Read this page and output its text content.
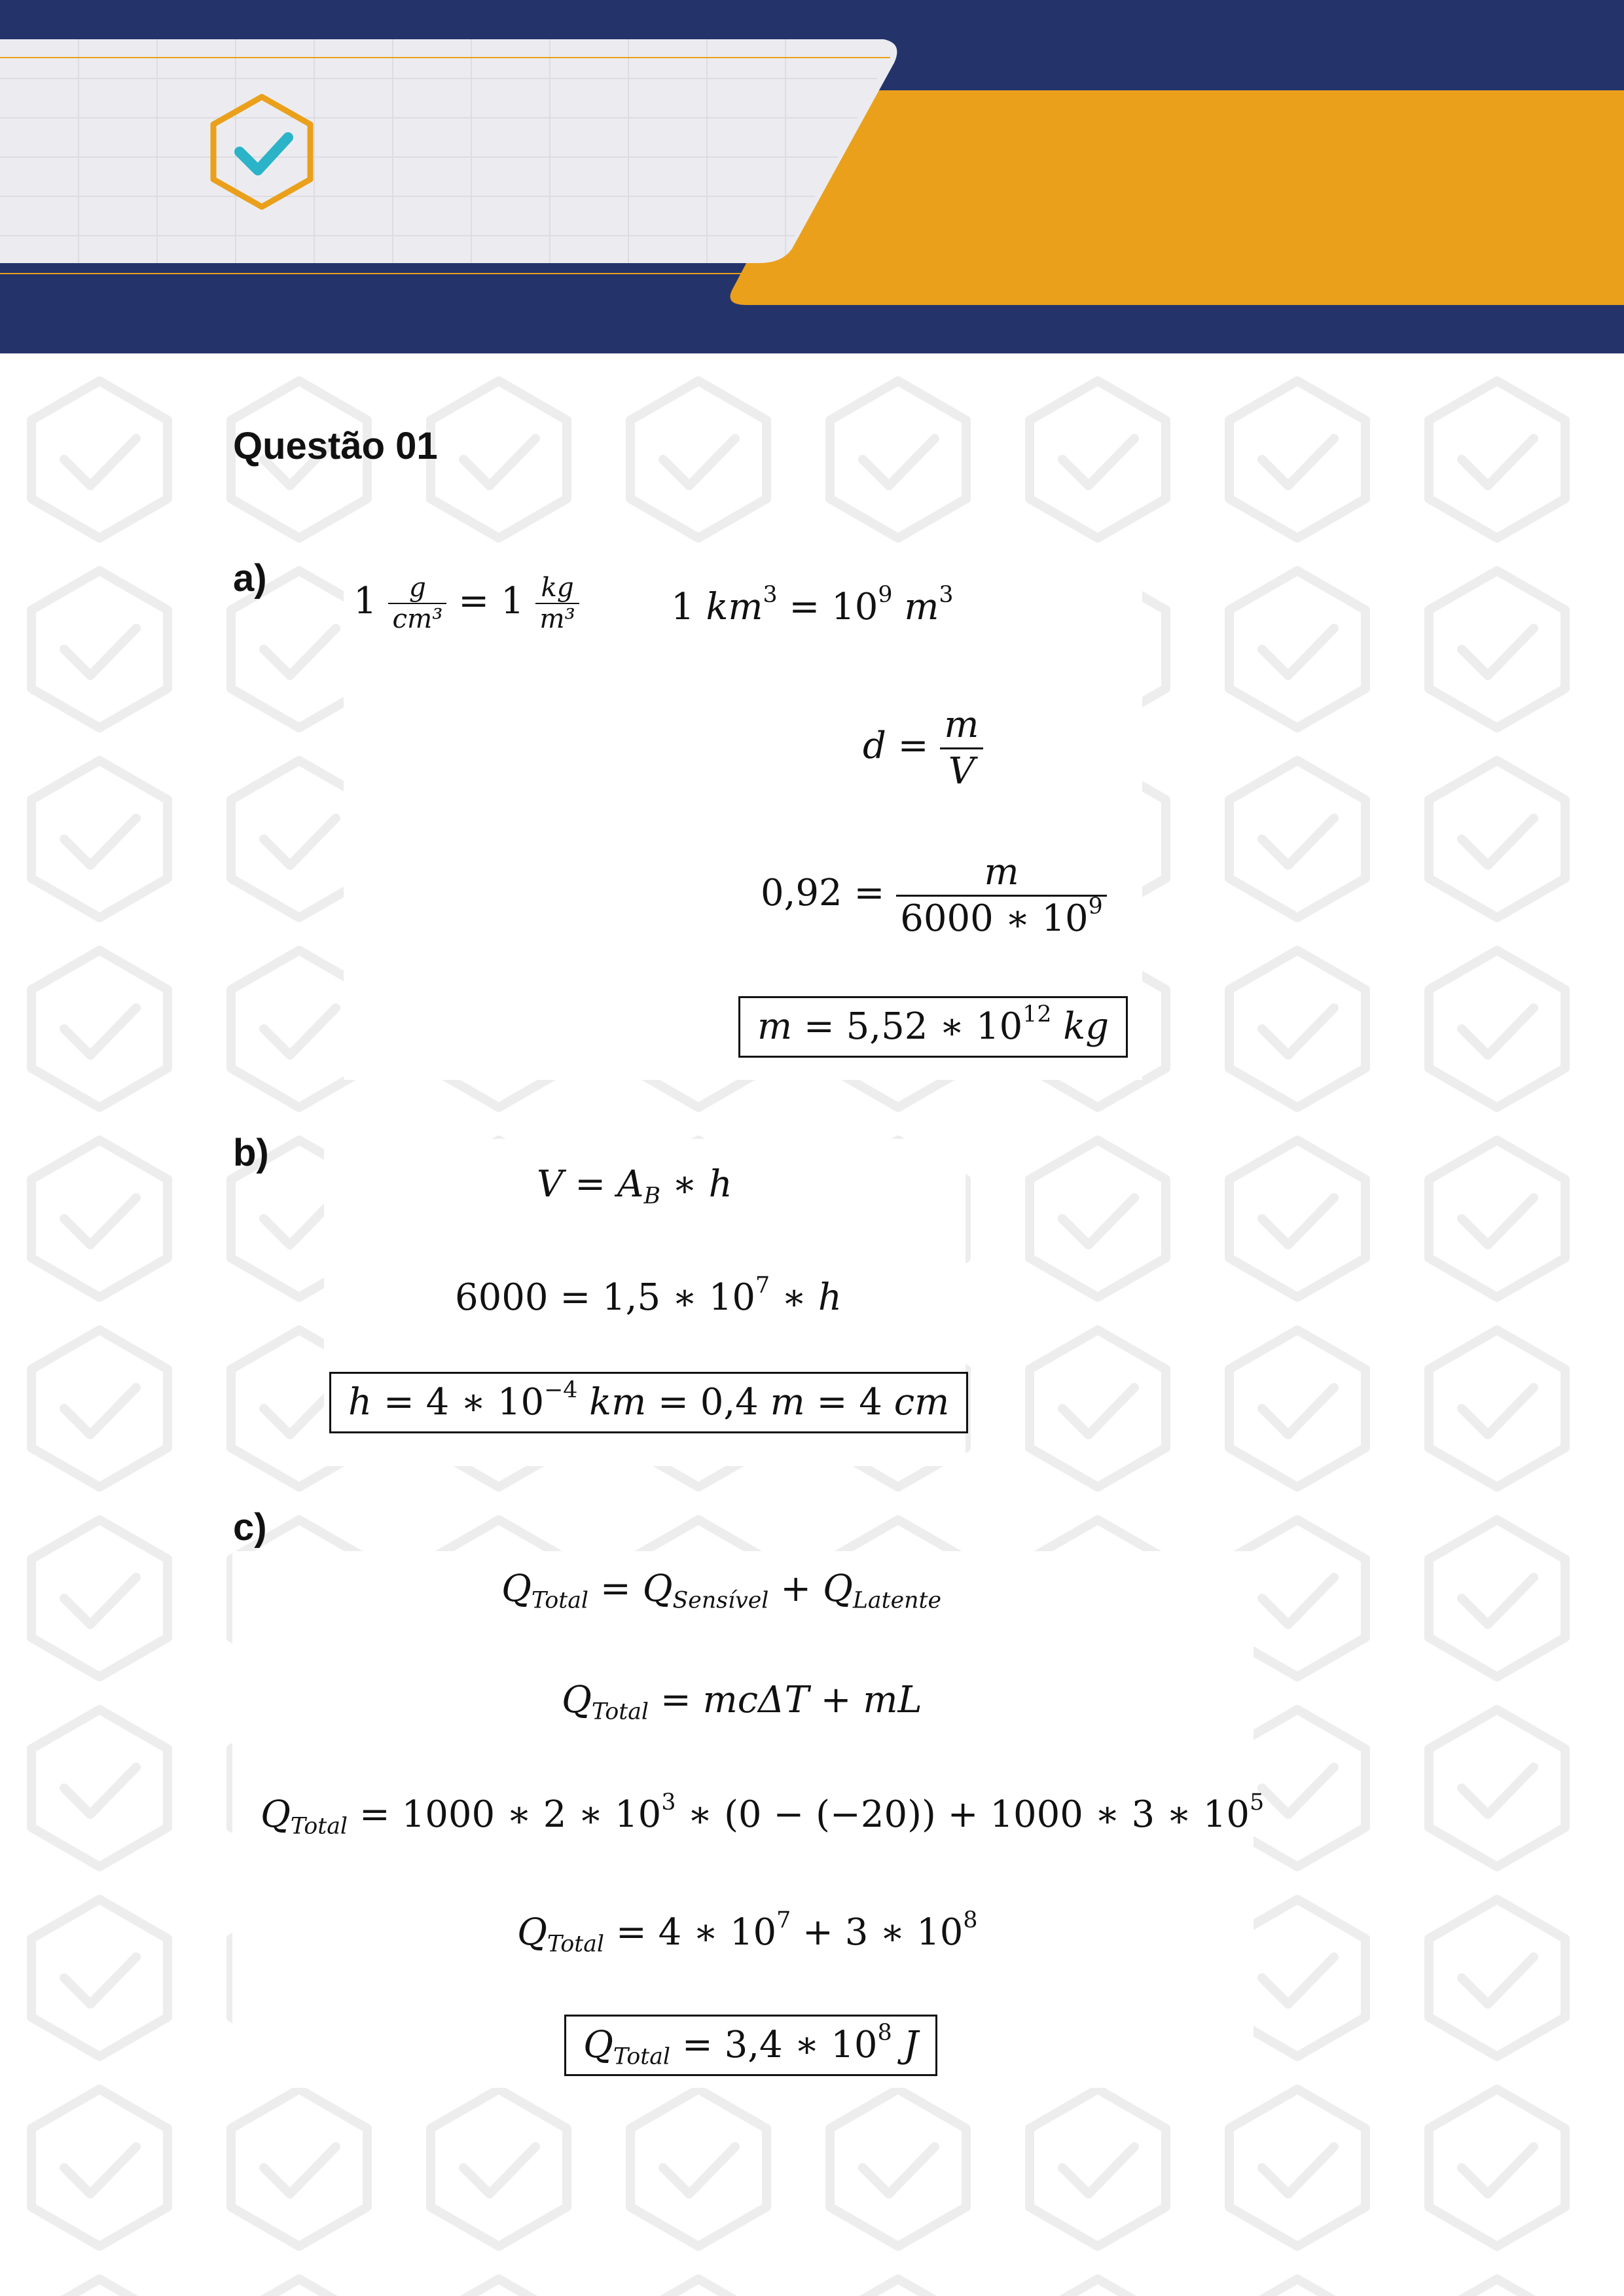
Questão 01
a)
$1 \frac{g}{\text{cm³}} = 1 \frac{kg}{\text{m³}}$	1 $km^3 = 10^9$ $m^3$
$d = \frac{m}{V}$
$0,92 = \frac{m}{6000 ∗ 10^9}$
m = 5,52 ∗ $10^{12}$ kg
b)
$V = A_B$ ∗ h
6000 = 1,5 ∗ $10^7$ ∗ h
h = 4 ∗ $10^{-4}$ km = 0,4 m = 4 cm
c)
$Q_{Total} = Q_{Sensível} + Q_{Latente}$
$Q_{Total} = mc\Delta T$ + mL
$Q_{Total} = 1000$ ∗ 2 ∗ $10^3$ ∗ (0 − (−20)) + 1000 ∗ 3 ∗ $10^5$
$Q_{Total} = 4$ ∗ $10^7 + 3$ ∗ $10^8$
$Q_{Total} = 3,4$ ∗ $10^8$ J
